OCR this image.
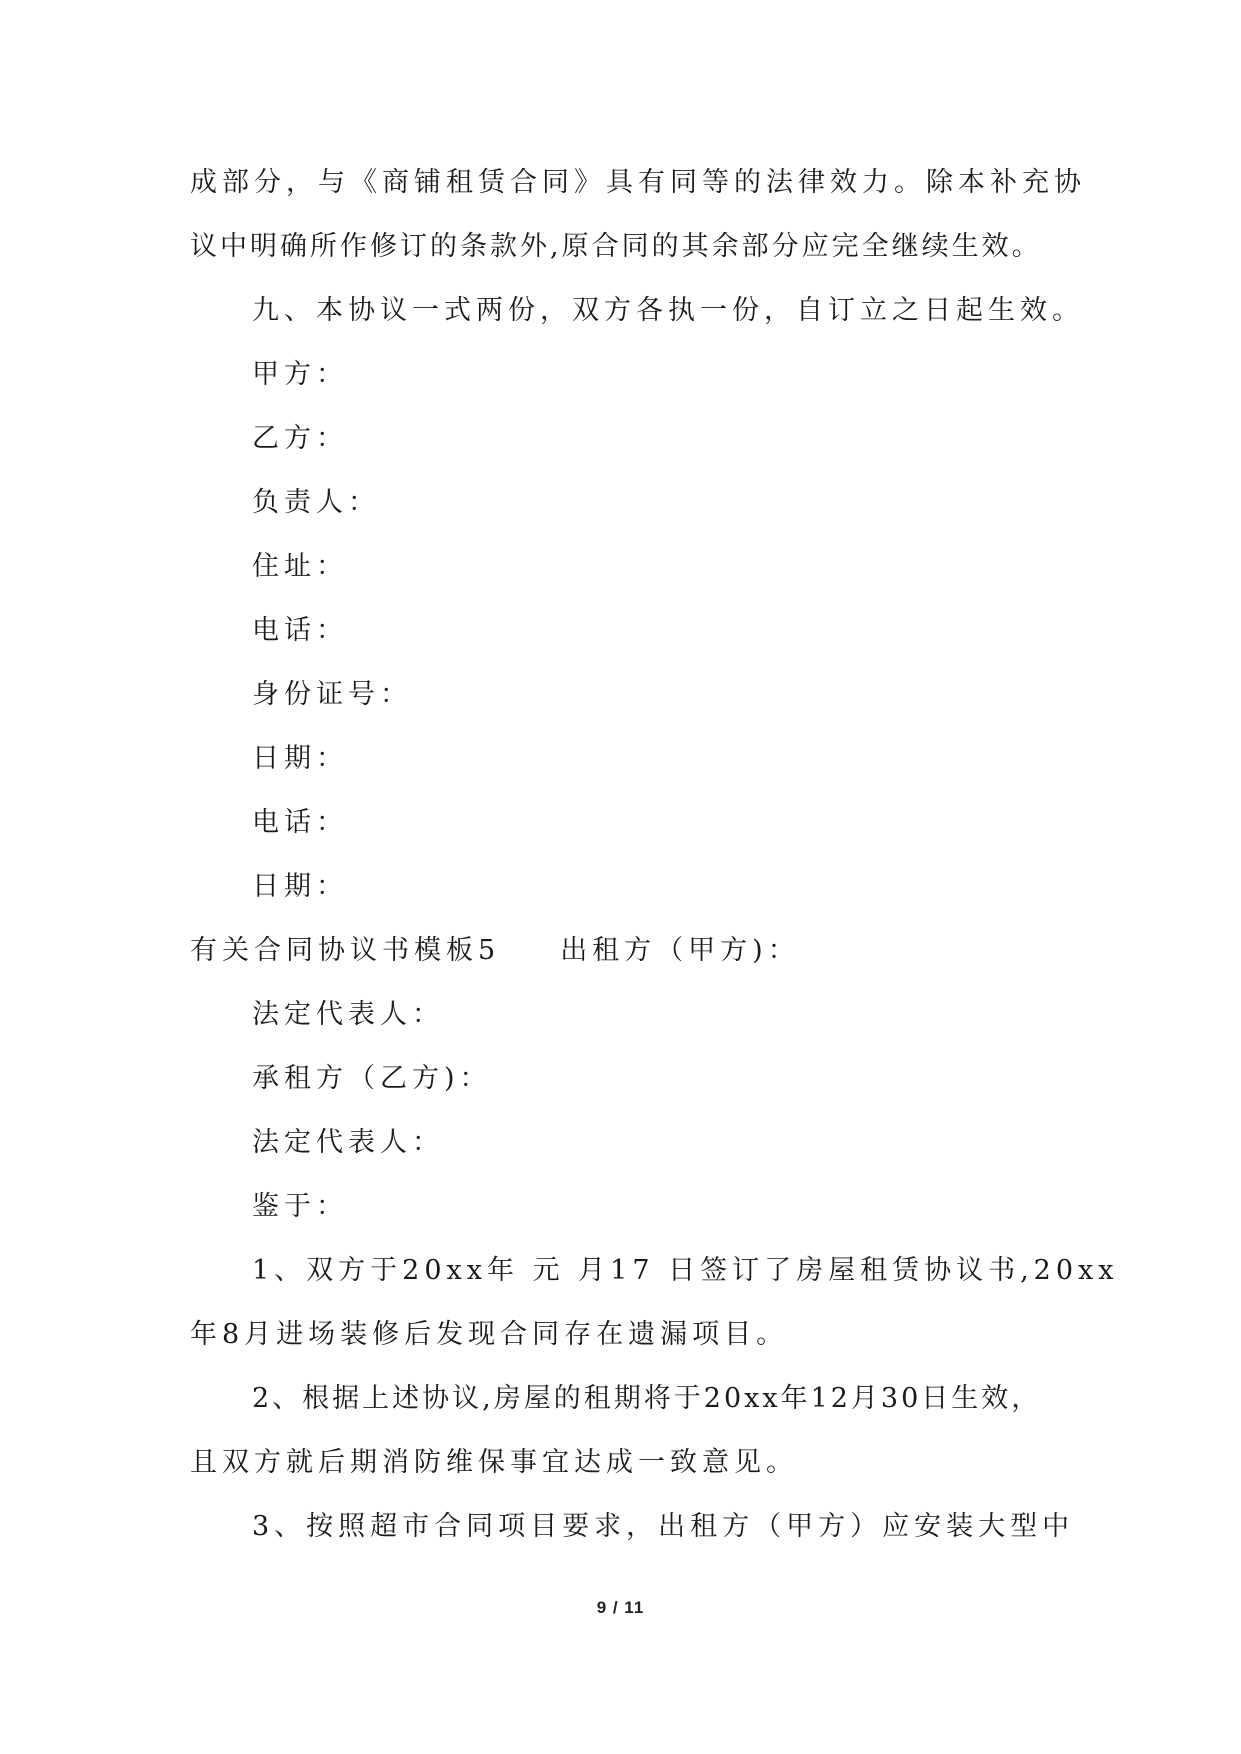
成部分，与《商铺租赁合同》具有同等的法律效力。除本补充协
议中明确所作修订的条款外,原合同的其余部分应完全继续生效。
九、本协议一式两份，双方各执一份，自订立之日起生效。
甲方：
乙方：
负责人：
住址：
电话：
身份证号：
日期：
电话：
日期：
有关合同协议书模板5 出租方（甲方)：
法定代表人：
承租方（乙方)：
法定代表人：
鉴于：
1、双方于20xx年 元 月17 日签订了房屋租赁协议书,20xx
年8月进场装修后发现合同存在遗漏项目。
2、根据上述协议,房屋的租期将于20xx年12月30日生效，
且双方就后期消防维保事宜达成一致意见。
3、按照超市合同项目要求，出租方（甲方）应安装大型中
9 / 11
